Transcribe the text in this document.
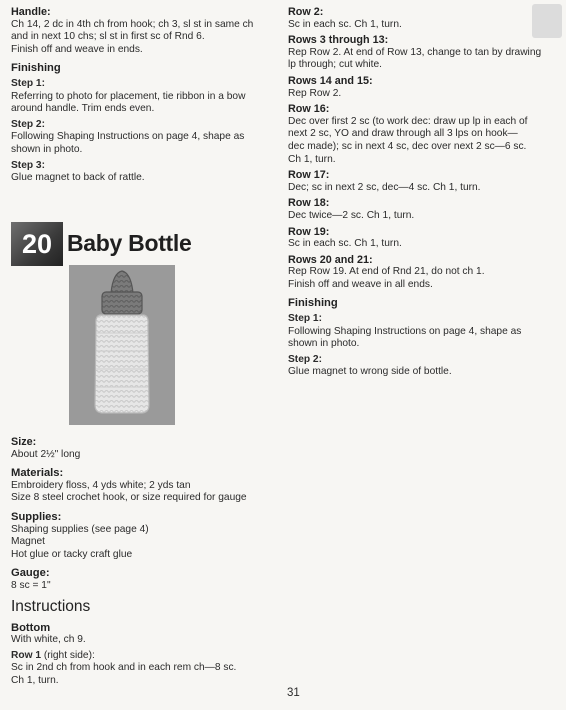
Handle:

Ch 14, 2 dc in 4th ch from hook; ch 3, sl st in same ch

and in next 10 chs; sl st in first sc of Rnd 6.

Finish off and weave in ends.

Finishing

Step 1:

Referring to photo for placement, tie ribbon in a bow

around handle. Trim ends even.

Step 2:

Following Shaping Instructions on page 4, shape as

shown in photo.

Step 3:

Glue magnet to back of rattle.

20 Baby Bottle

Size:

About 2½" long

Materials:

Embroidery floss, 4 yds white; 2 yds tan

Size 8 steel crochet hook, or size required for gauge

Supplies:

Shaping supplies (see page 4)

Magnet

Hot glue or tacky craft glue

Gauge:

8 sc = 1"

Instructions

Bottom

With white, ch 9.

Row 1 (right side):

Sc in 2nd ch from hook and in each rem ch—8 sc.

Ch 1, turn.

Row 2:

Sc in each sc. Ch 1, turn.

Rows 3 through 13:

Rep Row 2. At end of Row 13, change to tan by drawing

lp through; cut white.

Rows 14 and 15:

Rep Row 2.

Row 16:

Dec over first 2 sc (to work dec: draw up lp in each of

next 2 sc, YO and draw through all 3 lps on hook—

dec made); sc in next 4 sc, dec over next 2 sc—6 sc.

Ch 1, turn.

Row 17:

Dec; sc in next 2 sc, dec—4 sc. Ch 1, turn.

Row 18:

Dec twice—2 sc. Ch 1, turn.

Row 19:

Sc in each sc. Ch 1, turn.

Rows 20 and 21:

Rep Row 19. At end of Rnd 21, do not ch 1.

Finish off and weave in all ends.

Finishing

Step 1:

Following Shaping Instructions on page 4, shape as

shown in photo.

Step 2:

Glue magnet to wrong side of bottle.

31
